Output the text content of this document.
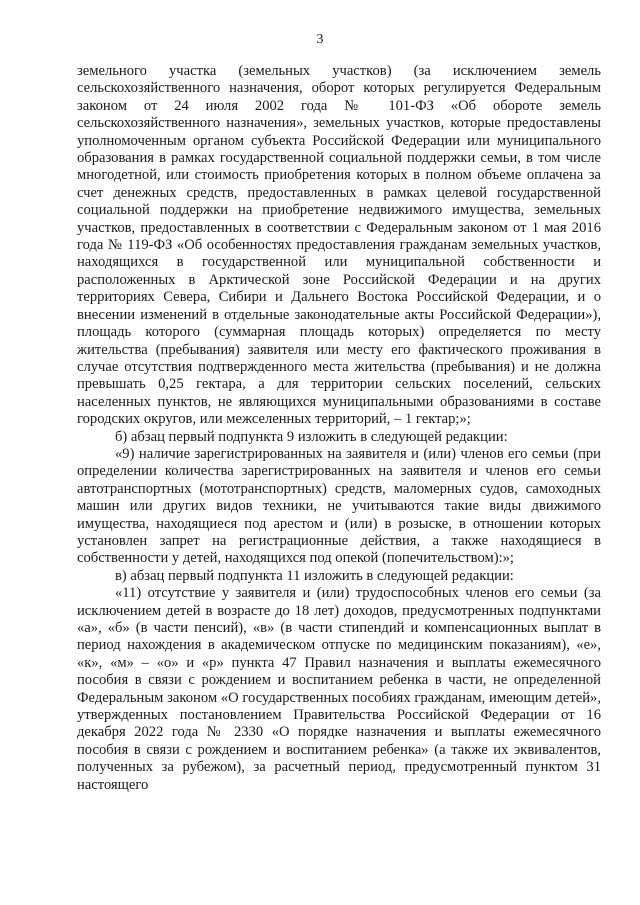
3

земельного участка (земельных участков) (за исключением земель сельскохозяйственного назначения, оборот которых регулируется Федеральным законом от 24 июля 2002 года № 101-ФЗ «Об обороте земель сельскохозяйственного назначения», земельных участков, которые предоставлены уполномоченным органом субъекта Российской Федерации или муниципального образования в рамках государственной социальной поддержки семьи, в том числе многодетной, или стоимость приобретения которых в полном объеме оплачена за счет денежных средств, предоставленных в рамках целевой государственной социальной поддержки на приобретение недвижимого имущества, земельных участков, предоставленных в соответствии с Федеральным законом от 1 мая 2016 года № 119-ФЗ «Об особенностях предоставления гражданам земельных участков, находящихся в государственной или муниципальной собственности и расположенных в Арктической зоне Российской Федерации и на других территориях Севера, Сибири и Дальнего Востока Российской Федерации, и о внесении изменений в отдельные законодательные акты Российской Федерации»), площадь которого (суммарная площадь которых) определяется по месту жительства (пребывания) заявителя или месту его фактического проживания в случае отсутствия подтвержденного места жительства (пребывания) и не должна превышать 0,25 гектара, а для территории сельских поселений, сельских населенных пунктов, не являющихся муниципальными образованиями в составе городских округов, или межселенных территорий, – 1 гектар;»;

б) абзац первый подпункта 9 изложить в следующей редакции:

«9) наличие зарегистрированных на заявителя и (или) членов его семьи (при определении количества зарегистрированных на заявителя и членов его семьи автотранспортных (мототранспортных) средств, маломерных судов, самоходных машин или других видов техники, не учитываются такие виды движимого имущества, находящиеся под арестом и (или) в розыске, в отношении которых установлен запрет на регистрационные действия, а также находящиеся в собственности у детей, находящихся под опекой (попечительством):»;

в) абзац первый подпункта 11 изложить в следующей редакции:

«11) отсутствие у заявителя и (или) трудоспособных членов его семьи (за исключением детей в возрасте до 18 лет) доходов, предусмотренных подпунктами «а», «б» (в части пенсий), «в» (в части стипендий и компенсационных выплат в период нахождения в академическом отпуске по медицинским показаниям), «е», «к», «м» – «о» и «р» пункта 47 Правил назначения и выплаты ежемесячного пособия в связи с рождением и воспитанием ребенка в части, не определенной Федеральным законом «О государственных пособиях гражданам, имеющим детей», утвержденных постановлением Правительства Российской Федерации от 16 декабря 2022 года № 2330 «О порядке назначения и выплаты ежемесячного пособия в связи с рождением и воспитанием ребенка» (а также их эквивалентов, полученных за рубежом), за расчетный период, предусмотренный пунктом 31 настоящего
